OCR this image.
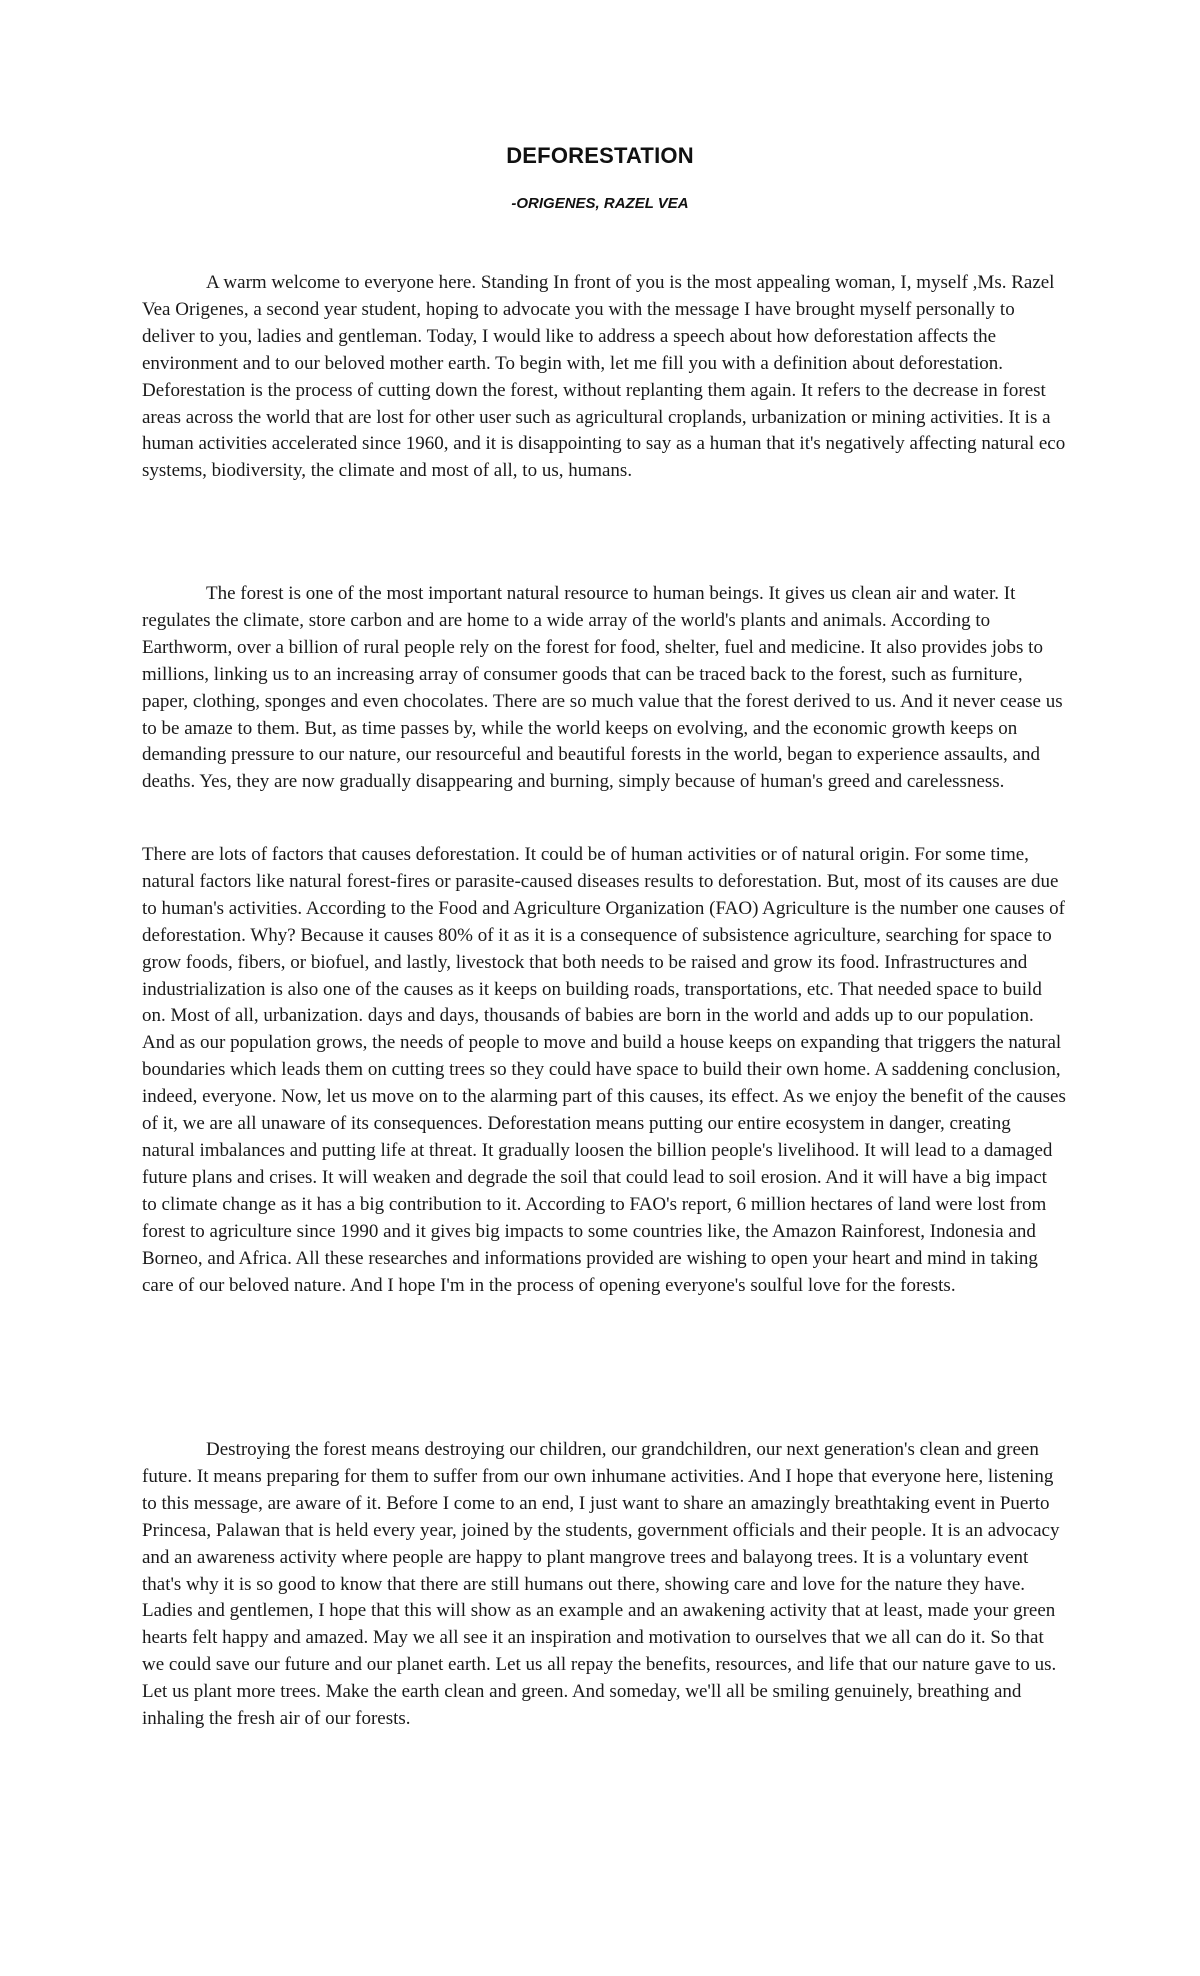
DEFORESTATION
-ORIGENES, RAZEL VEA

A warm welcome to everyone here. Standing In front of you is the most appealing woman, I, myself ,Ms. Razel Vea Origenes, a second year student, hoping to advocate you with the message I have brought myself personally to deliver to you, ladies and gentleman. Today, I would like to address a speech about how deforestation affects the environment and to our beloved mother earth. To begin with, let me fill you with a definition about deforestation. Deforestation is the process of cutting down the forest, without replanting them again. It refers to the decrease in forest areas across the world that are lost for other user such as agricultural croplands, urbanization or mining activities. It is a human activities accelerated since 1960, and it is disappointing to say as a human that it's negatively affecting natural eco systems, biodiversity, the climate and most of all, to us, humans.

The forest is one of the most important natural resource to human beings. It gives us clean air and water. It regulates the climate, store carbon and are home to a wide array of the world's plants and animals. According to Earthworm, over a billion of rural people rely on the forest for food, shelter, fuel and medicine. It also provides jobs to millions, linking us to an increasing array of consumer goods that can be traced back to the forest, such as furniture, paper, clothing, sponges and even chocolates. There are so much value that the forest derived to us. And it never cease us to be amaze to them. But, as time passes by, while the world keeps on evolving, and the economic growth keeps on demanding pressure to our nature, our resourceful and beautiful forests in the world, began to experience assaults, and deaths. Yes, they are now gradually disappearing and burning, simply because of human's greed and carelessness.

There are lots of factors that causes deforestation. It could be of human activities or of natural origin. For some time, natural factors like natural forest-fires or parasite-caused diseases results to deforestation. But, most of its causes are due to human's activities. According to the Food and Agriculture Organization (FAO) Agriculture is the number one causes of deforestation. Why? Because it causes 80% of it as it is a consequence of subsistence agriculture, searching for space to grow foods, fibers, or biofuel, and lastly, livestock that both needs to be raised and grow its food. Infrastructures and industrialization is also one of the causes as it keeps on building roads, transportations, etc. That needed space to build on. Most of all, urbanization. days and days, thousands of babies are born in the world and adds up to our population. And as our population grows, the needs of people to move and build a house keeps on expanding that triggers the natural boundaries which leads them on cutting trees so they could have space to build their own home. A saddening conclusion, indeed, everyone. Now, let us move on to the alarming part of this causes, its effect. As we enjoy the benefit of the causes of it, we are all unaware of its consequences. Deforestation means putting our entire ecosystem in danger, creating natural imbalances and putting life at threat. It gradually loosen the billion people's livelihood. It will lead to a damaged future plans and crises. It will weaken and degrade the soil that could lead to soil erosion. And it will have a big impact to climate change as it has a big contribution to it. According to FAO's report, 6 million hectares of land were lost from forest to agriculture since 1990 and it gives big impacts to some countries like, the Amazon Rainforest, Indonesia and Borneo, and Africa. All these researches and informations provided are wishing to open your heart and mind in taking care of our beloved nature. And I hope I'm in the process of opening everyone's soulful love for the forests.

Destroying the forest means destroying our children, our grandchildren, our next generation's clean and green future. It means preparing for them to suffer from our own inhumane activities. And I hope that everyone here, listening to this message, are aware of it. Before I come to an end, I just want to share an amazingly breathtaking event in Puerto Princesa, Palawan that is held every year, joined by the students, government officials and their people. It is an advocacy and an awareness activity where people are happy to plant mangrove trees and balayong trees. It is a voluntary event that's why it is so good to know that there are still humans out there, showing care and love for the nature they have. Ladies and gentlemen, I hope that this will show as an example and an awakening activity that at least, made your green hearts felt happy and amazed. May we all see it an inspiration and motivation to ourselves that we all can do it. So that we could save our future and our planet earth. Let us all repay the benefits, resources, and life that our nature gave to us. Let us plant more trees. Make the earth clean and green. And someday, we'll all be smiling genuinely, breathing and inhaling the fresh air of our forests.
